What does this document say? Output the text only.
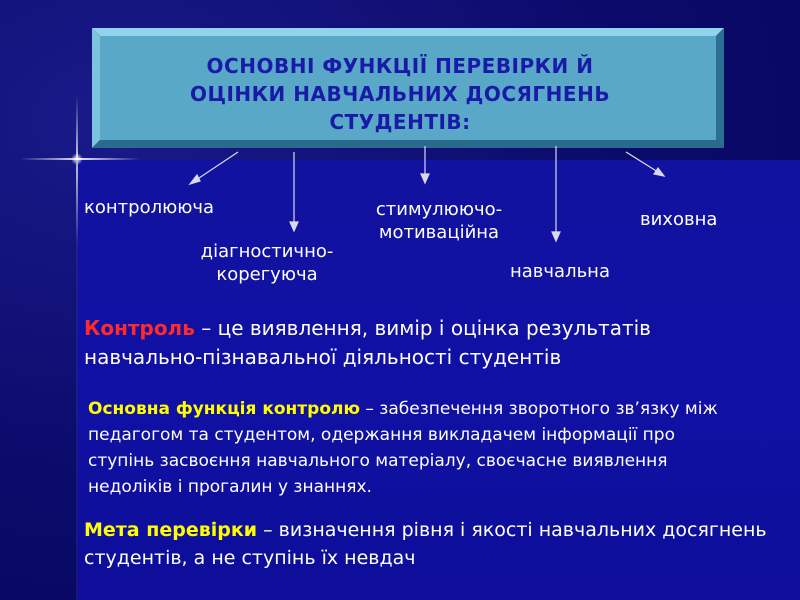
ОСНОВНІ ФУНКЦІЇ ПЕРЕВІРКИ Й
ОЦІНКИ НАВЧАЛЬНИХ ДОСЯГНЕНЬ
СТУДЕНТІВ:
контролююча
діагностично-
корегуюча
стимулюючо-
мотиваційна
навчальна
виховна
Контроль – це виявлення, вимір і оцінка результатів навчально-пізнавальної діяльності студентів
Основна функція контролю – забезпечення зворотного зв’язку між педагогом та студентом, одержання викладачем інформації про ступінь засвоєння навчального матеріалу, своєчасне виявлення недоліків і прогалин у знаннях.
Мета перевірки – визначення рівня і якості навчальних досягнень студентів, а не ступінь їх невдач
